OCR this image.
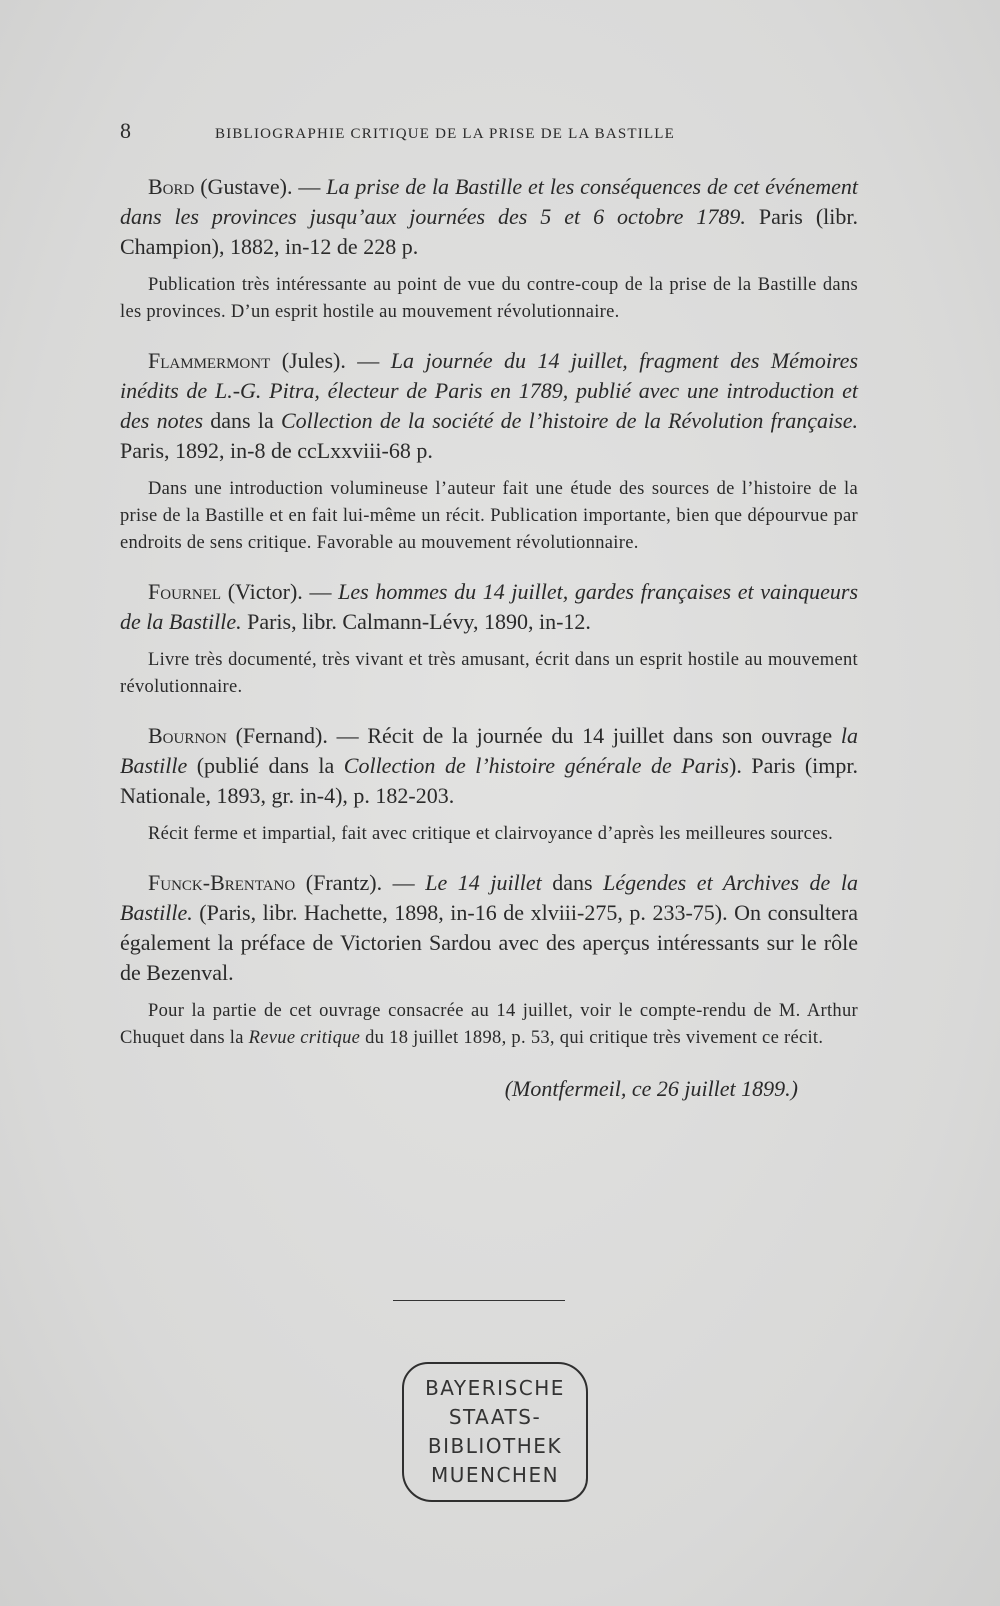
8	BIBLIOGRAPHIE CRITIQUE DE LA PRISE DE LA BASTILLE

Bord (Gustave). — La prise de la Bastille et les conséquences de cet événement dans les provinces jusqu’aux journées des 5 et 6 octobre 1789. Paris (libr. Champion), 1882, in-12 de 228 p.

Publication très intéressante au point de vue du contre-coup de la prise de la Bastille dans les provinces. D’un esprit hostile au mouvement révolutionnaire.

Flammermont (Jules). — La journée du 14 juillet, fragment des Mémoires inédits de L.-G. Pitra, électeur de Paris en 1789, publié avec une introduction et des notes dans la Collection de la société de l’histoire de la Révolution française. Paris, 1892, in-8 de ccLxxviii-68 p.

Dans une introduction volumineuse l’auteur fait une étude des sources de l’histoire de la prise de la Bastille et en fait lui-même un récit. Publication importante, bien que dépourvue par endroits de sens critique. Favorable au mouvement révolutionnaire.

Fournel (Victor). — Les hommes du 14 juillet, gardes françaises et vainqueurs de la Bastille. Paris, libr. Calmann-Lévy, 1890, in-12.

Livre très documenté, très vivant et très amusant, écrit dans un esprit hostile au mouvement révolutionnaire.

Bournon (Fernand). — Récit de la journée du 14 juillet dans son ouvrage la Bastille (publié dans la Collection de l’histoire générale de Paris). Paris (impr. Nationale, 1893, gr. in-4), p. 182-203.

Récit ferme et impartial, fait avec critique et clairvoyance d’après les meilleures sources.

Funck-Brentano (Frantz). — Le 14 juillet dans Légendes et Archives de la Bastille. (Paris, libr. Hachette, 1898, in-16 de xlviii-275, p. 233-75). On consultera également la préface de Victorien Sardou avec des aperçus intéressants sur le rôle de Bezenval.

Pour la partie de cet ouvrage consacrée au 14 juillet, voir le compte-rendu de M. Arthur Chuquet dans la Revue critique du 18 juillet 1898, p. 53, qui critique très vivement ce récit.

(Montfermeil, ce 26 juillet 1899.)

BAYERISCHE
STAATS-
BIBLIOTHEK
MUENCHEN
